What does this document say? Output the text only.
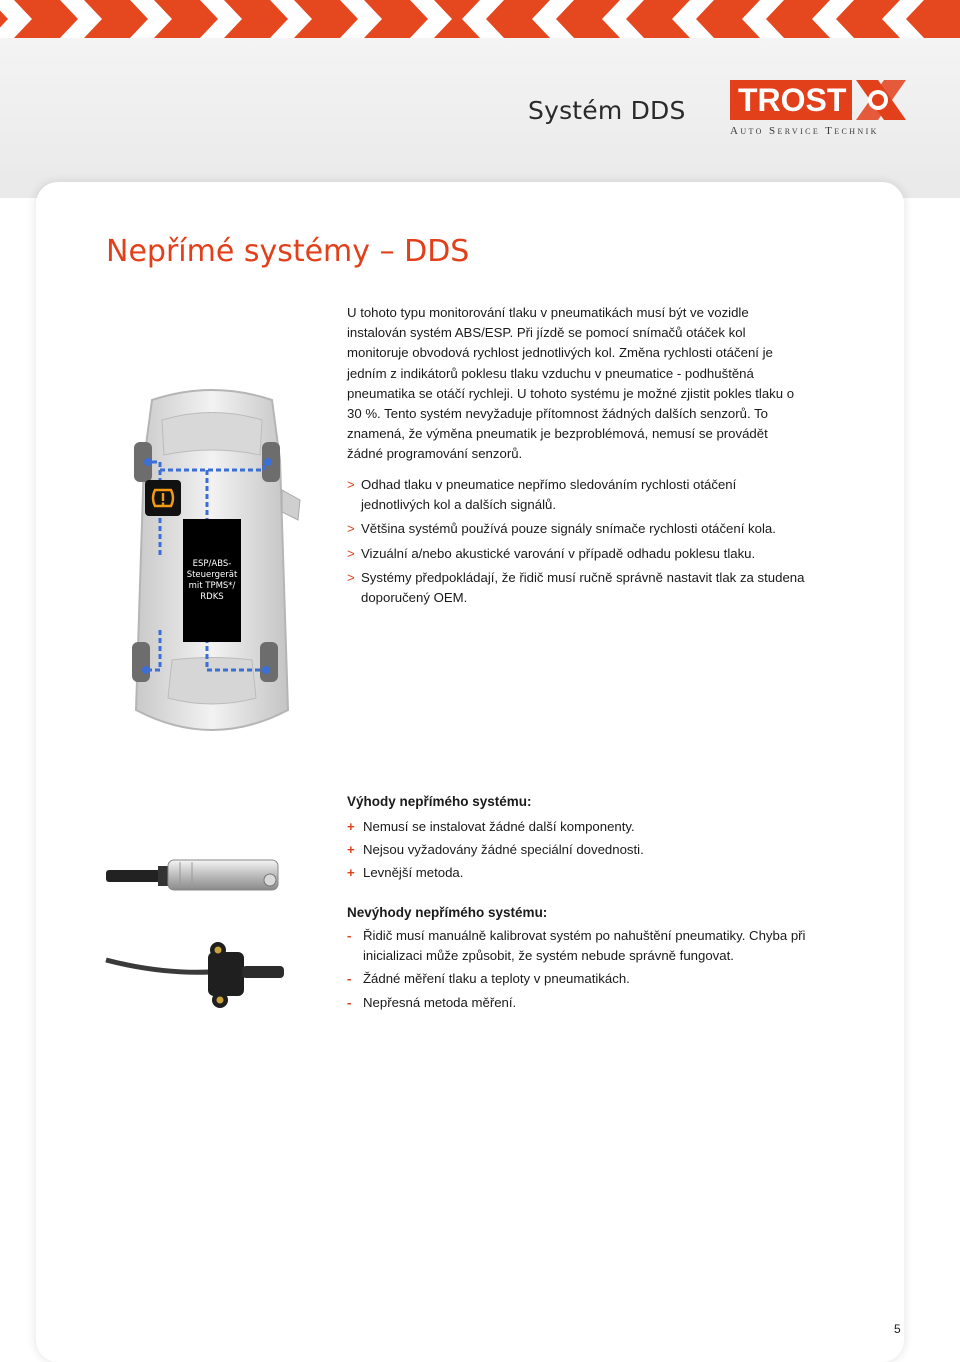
Systém DDS TROST
Auto Service Technik
Nepřímé systémy – DDS

U tohoto typu monitorování tlaku v pneumatikách musí být ve vozidle instalován systém ABS/ESP. Při jízdě se pomocí snímačů otáček kol monitoruje obvodová rychlost jednotlivých kol. Změna rychlosti otáčení je jedním z indikátorů poklesu tlaku vzduchu v pneumatice - podhuštěná pneumatika se otáčí rychleji. U tohoto systému je možné zjistit pokles tlaku o 30 %. Tento systém nevyžaduje přítomnost žádných dalších senzorů. To znamená, že výměna pneumatik je bezproblémová, nemusí se provádět žádné programování senzorů.

> Odhad tlaku v pneumatice nepřímo sledováním rychlosti otáčení jednotlivých kol a dalších signálů.
> Většina systémů používá pouze signály snímače rychlosti otáčení kola.
> Vizuální a/nebo akustické varování v případě odhadu poklesu tlaku.
> Systémy předpokládají, že řidič musí ručně správně nastavit tlak za studena doporučený OEM.
ESP/ABS-Steuergerät mit TPMS*/ RDKS
Výhody nepřímého systému:
+ Nemusí se instalovat žádné další komponenty.
+ Nejsou vyžadovány žádné speciální dovednosti.
+ Levnější metoda.
Nevýhody nepřímého systému:
- Řidič musí manuálně kalibrovat systém po nahuštění pneumatiky. Chyba při inicializaci může způsobit, že systém nebude správně fungovat.
- Žádné měření tlaku a teploty v pneumatikách.
- Nepřesná metoda měření.
5
